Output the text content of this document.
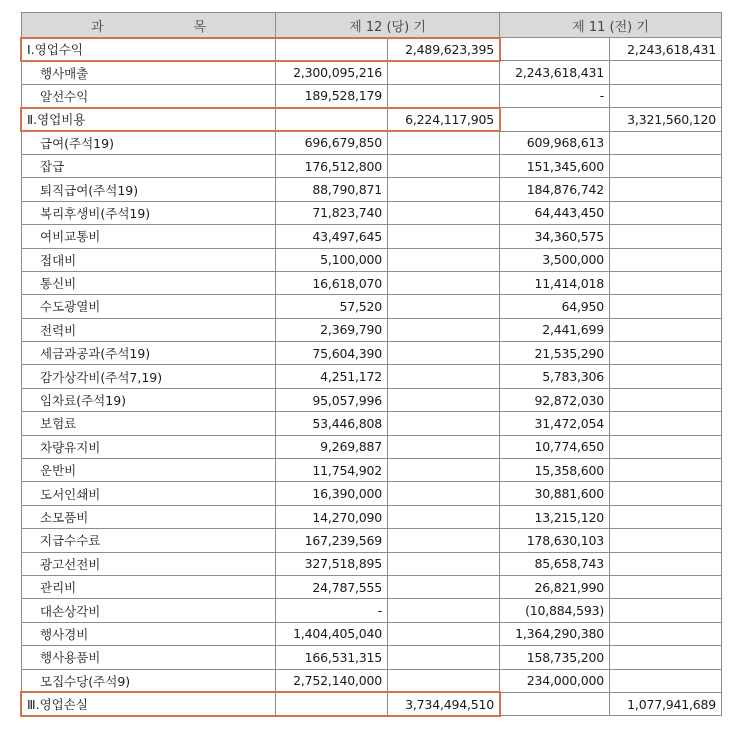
과 목	제 12 (당) 기		제 11 (전) 기	
Ⅰ.영업수익		2,489,623,395		2,243,618,431
행사매출	2,300,095,216		2,243,618,431	
알선수익	189,528,179		-	
Ⅱ.영업비용		6,224,117,905		3,321,560,120
급여(주석19)	696,679,850		609,968,613	
잡급	176,512,800		151,345,600	
퇴직급여(주석19)	88,790,871		184,876,742	
복리후생비(주석19)	71,823,740		64,443,450	
여비교통비	43,497,645		34,360,575	
접대비	5,100,000		3,500,000	
통신비	16,618,070		11,414,018	
수도광열비	57,520		64,950	
전력비	2,369,790		2,441,699	
세금과공과(주석19)	75,604,390		21,535,290	
감가상각비(주석7,19)	4,251,172		5,783,306	
임차료(주석19)	95,057,996		92,872,030	
보험료	53,446,808		31,472,054	
차량유지비	9,269,887		10,774,650	
운반비	11,754,902		15,358,600	
도서인쇄비	16,390,000		30,881,600	
소모품비	14,270,090		13,215,120	
지급수수료	167,239,569		178,630,103	
광고선전비	327,518,895		85,658,743	
관리비	24,787,555		26,821,990	
대손상각비	-		(10,884,593)	
행사경비	1,404,405,040		1,364,290,380	
행사용품비	166,531,315		158,735,200	
모집수당(주석9)	2,752,140,000		234,000,000	
Ⅲ.영업손실		3,734,494,510		1,077,941,689
